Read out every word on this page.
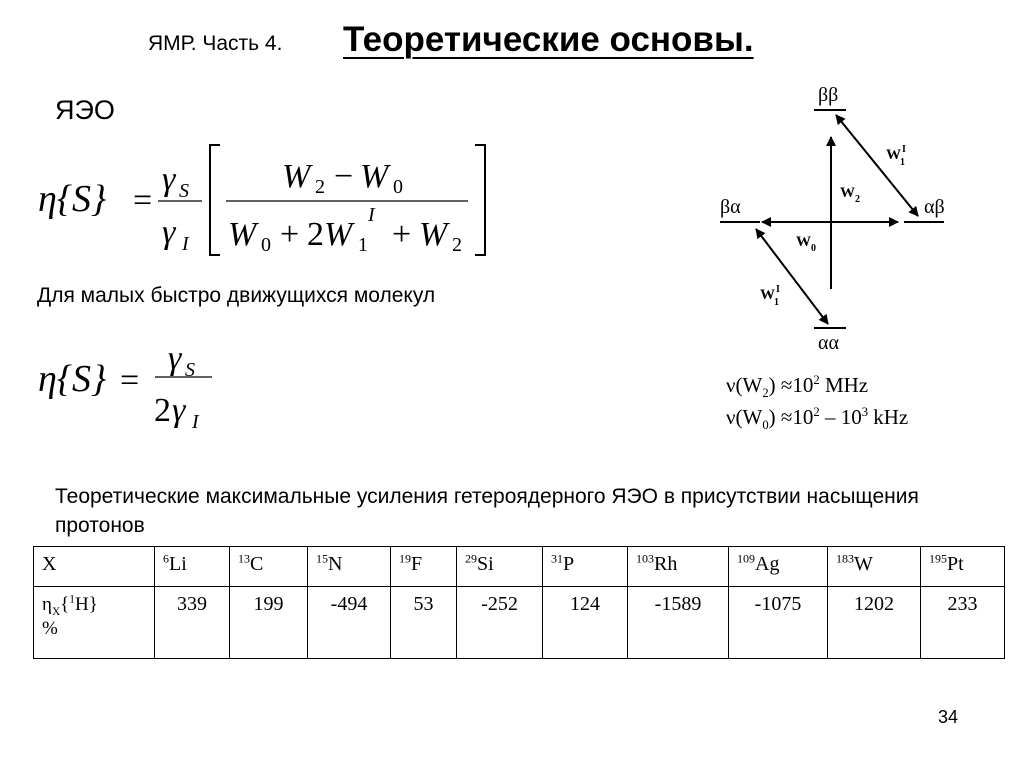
ЯМР. Часть 4. Теоретические основы.
ЯЭО
η{S} =
γ S
γ I
W 2 − W 0
W 0 + 2 W 1
I
+ W 2
Для малых быстро движущихся молекул
η{S} =
γ S
2 γ I
ββ
αβ
βα
αα
W 2
W 0
W 1
I
W 1
I
$\nu(W_2) \approx 10^2$ MHz
$\nu(W_0) \approx 10^2 - 10^3$ kHz
Теоретические максимальные усиления гетероядерного ЯЭО в присутствии насыщения протонов
X	$^6$Li	$^{13}$C	$^{15}$N	$^{19}$F	$^{29}$Si	$^{31}$P	$^{103}$Rh	$^{109}$Ag	$^{183}$W	$^{195}$Pt
$\eta_X\{^1H\}$
%	339	199	-494	53	-252	124	-1589	-1075	1202	233
34
